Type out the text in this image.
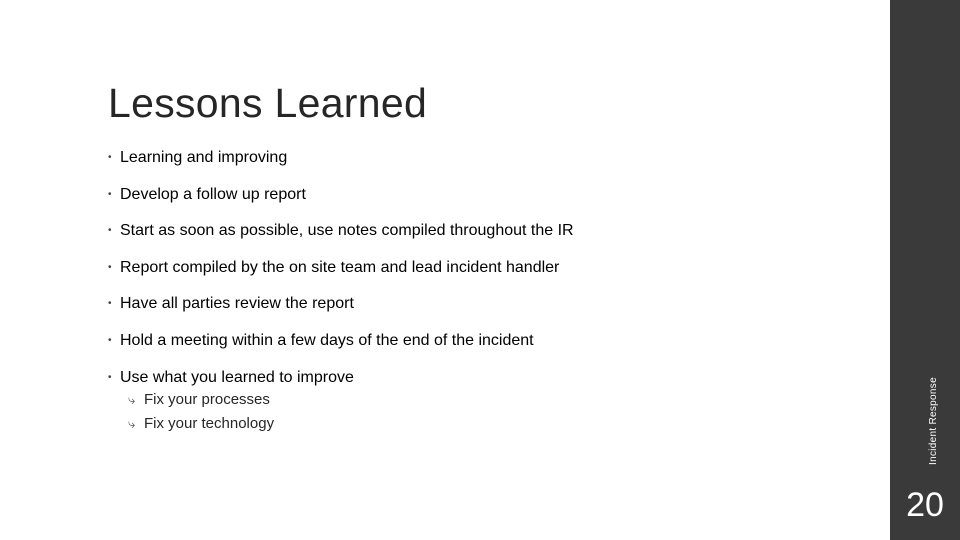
Lessons Learned
• Learning and improving
• Develop a follow up report
• Start as soon as possible, use notes compiled throughout the IR
• Report compiled by the on site team and lead incident handler
• Have all parties review the report
• Hold a meeting within a few days of the end of the incident
• Use what you learned to improve
⤷ Fix your processes
⤷ Fix your technology	Incident Response
20
